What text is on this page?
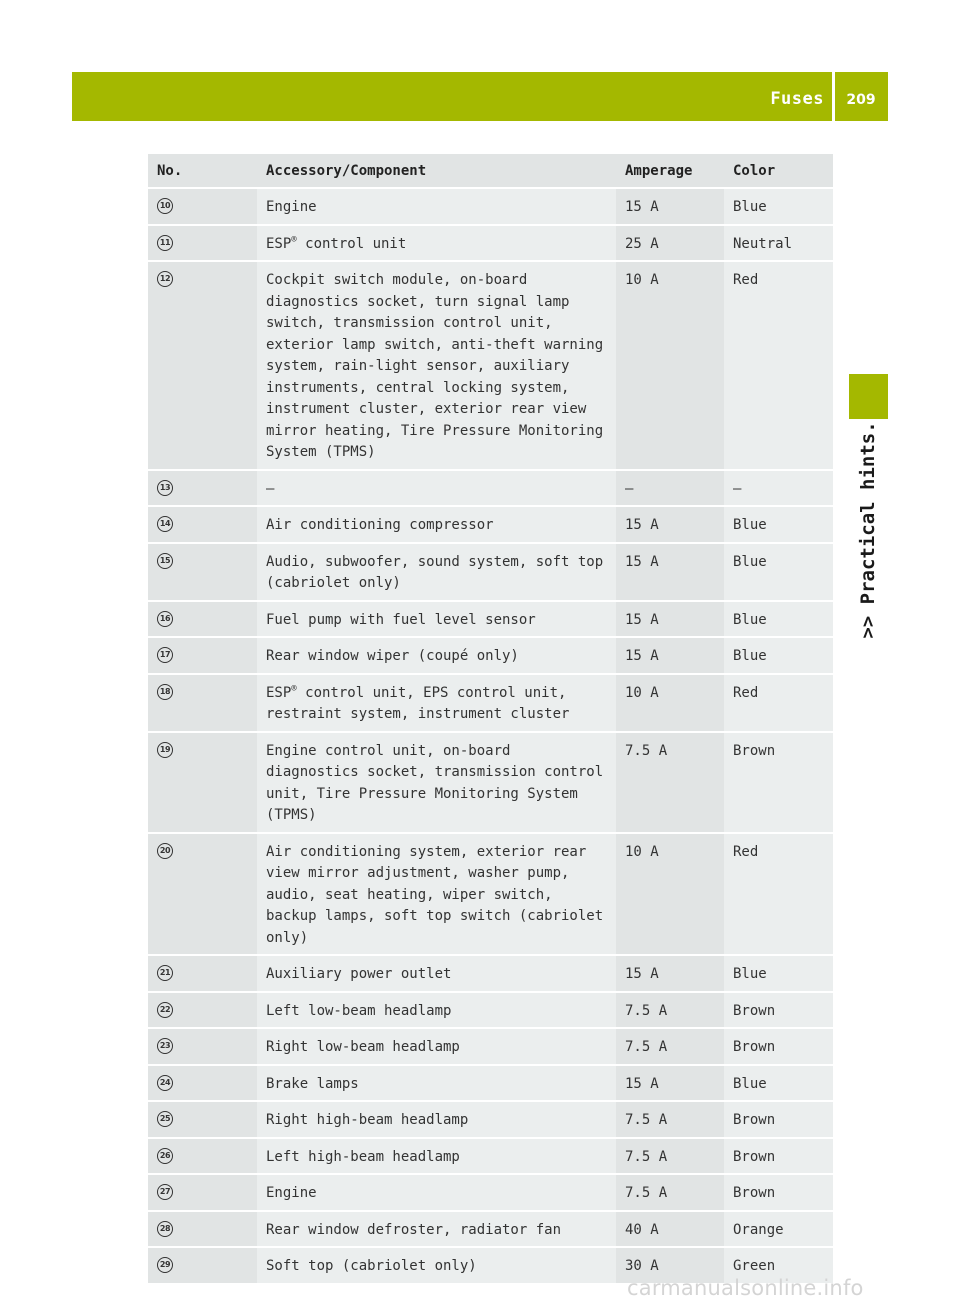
Fuses	209
>> Practical hints.
No.	Accessory/Component	Amperage	Color
10	Engine	15 A	Blue
11	ESP® control unit	25 A	Neutral
12	Cockpit switch module, on-board diagnostics socket, turn signal lamp switch, transmission control unit, exterior lamp switch, anti-theft warning system, rain-light sensor, auxiliary instruments, central locking system, instrument cluster, exterior rear view mirror heating, Tire Pressure Monitoring System (TPMS)	10 A	Red
13	—	—	—
14	Air conditioning compressor	15 A	Blue
15	Audio, subwoofer, sound system, soft top (cabriolet only)	15 A	Blue
16	Fuel pump with fuel level sensor	15 A	Blue
17	Rear window wiper (coupé only)	15 A	Blue
18	ESP® control unit, EPS control unit, restraint system, instrument cluster	10 A	Red
19	Engine control unit, on-board diagnostics socket, transmission control unit, Tire Pressure Monitoring System (TPMS)	7.5 A	Brown
20	Air conditioning system, exterior rear view mirror adjustment, washer pump, audio, seat heating, wiper switch, backup lamps, soft top switch (cabriolet only)	10 A	Red
21	Auxiliary power outlet	15 A	Blue
22	Left low-beam headlamp	7.5 A	Brown
23	Right low-beam headlamp	7.5 A	Brown
24	Brake lamps	15 A	Blue
25	Right high-beam headlamp	7.5 A	Brown
26	Left high-beam headlamp	7.5 A	Brown
27	Engine	7.5 A	Brown
28	Rear window defroster, radiator fan	40 A	Orange
29	Soft top (cabriolet only)	30 A	Green
carmanualsonline.info
